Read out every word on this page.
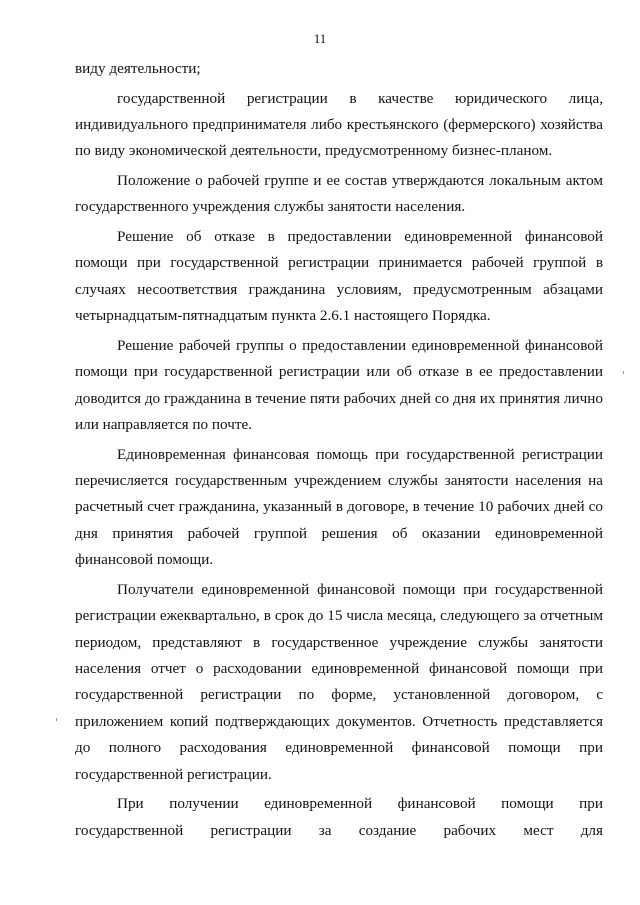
11

виду деятельности;

государственной регистрации в качестве юридического лица, индивидуального предпринимателя либо крестьянского (фермерского) хозяйства по виду экономической деятельности, предусмотренному бизнес-планом.

Положение о рабочей группе и ее состав утверждаются локальным актом государственного учреждения службы занятости населения.

Решение об отказе в предоставлении единовременной финансовой помощи при государственной регистрации принимается рабочей группой в случаях несоответствия гражданина условиям, предусмотренным абзацами четырнадцатым-пятнадцатым пункта 2.6.1 настоящего Порядка.

Решение рабочей группы о предоставлении единовременной финансовой помощи при государственной регистрации или об отказе в ее предоставлении доводится до гражданина в течение пяти рабочих дней со дня их принятия лично или направляется по почте.

Единовременная финансовая помощь при государственной регистрации перечисляется государственным учреждением службы занятости населения на расчетный счет гражданина, указанный в договоре, в течение 10 рабочих дней со дня принятия рабочей группой решения об оказании единовременной финансовой помощи.

Получатели единовременной финансовой помощи при государственной регистрации ежеквартально, в срок до 15 числа месяца, следующего за отчетным периодом, представляют в государственное учреждение службы занятости населения отчет о расходовании единовременной финансовой помощи при государственной регистрации по форме, установленной договором, с приложением копий подтверждающих документов. Отчетность представляется до полного расходования единовременной финансовой помощи при государственной регистрации.

При получении единовременной финансовой помощи при государственной регистрации за создание рабочих мест для
